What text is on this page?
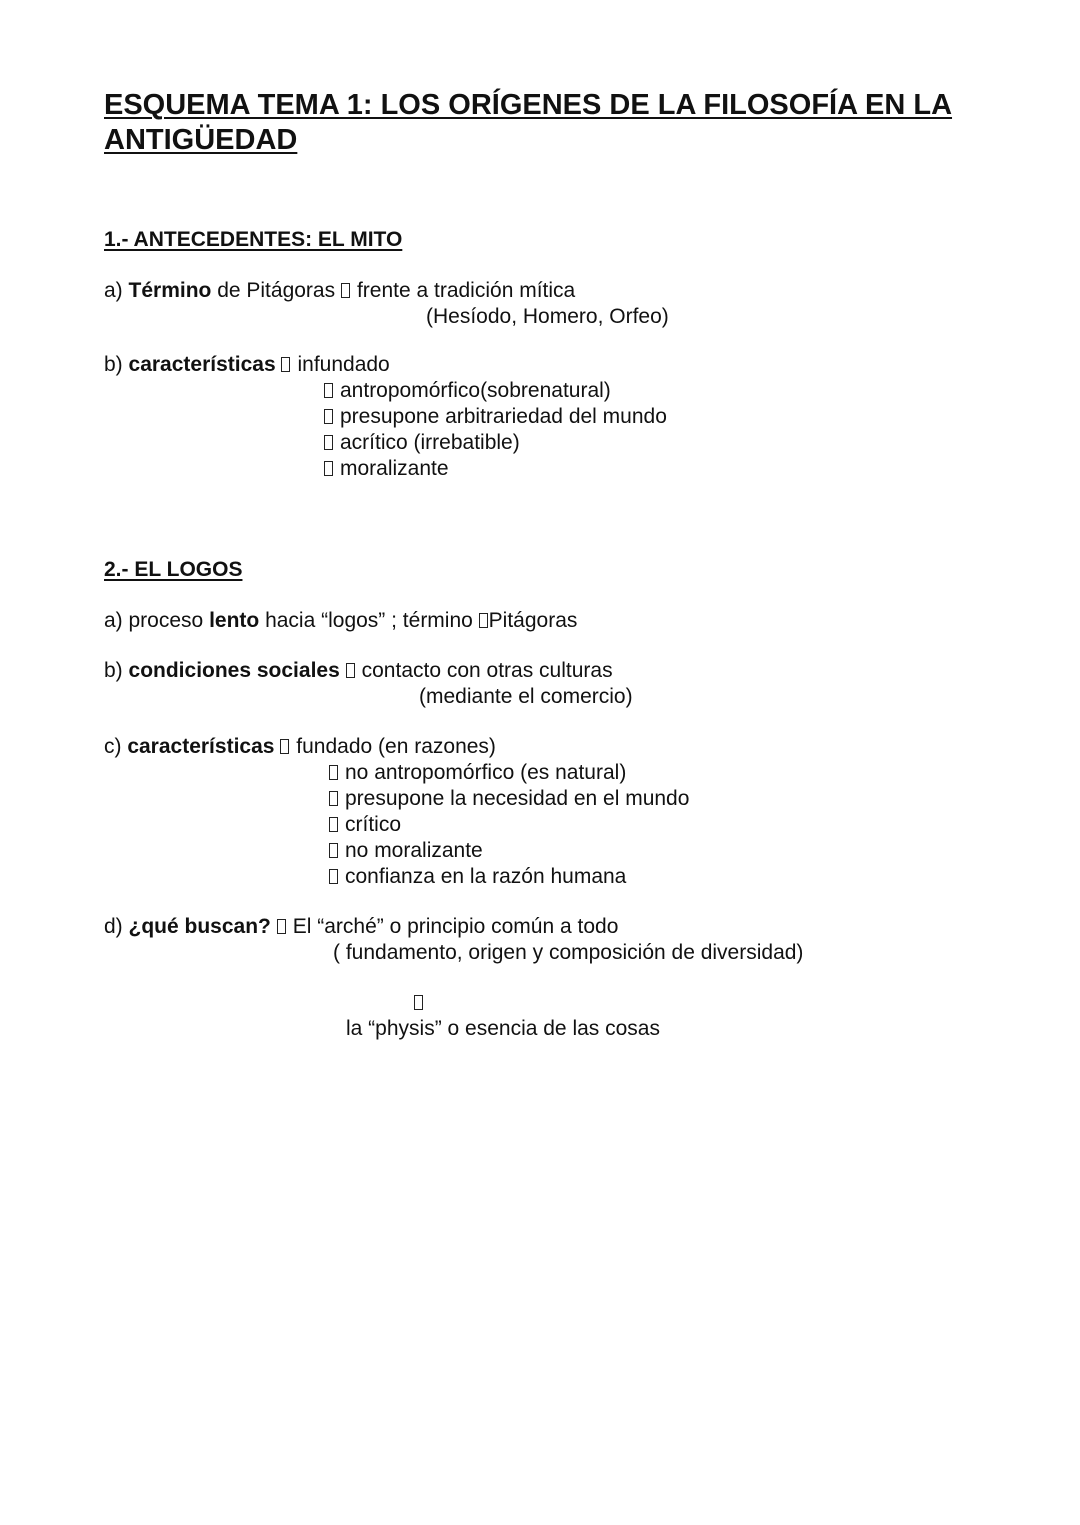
ESQUEMA TEMA 1: LOS ORÍGENES DE LA FILOSOFÍA EN LA ANTIGÜEDAD
1.- ANTECEDENTES: EL MITO
a) Término de Pitágoras frente a tradición mítica
(Hesíodo, Homero, Orfeo)
b) características infundado
antropomórfico(sobrenatural)
presupone arbitrariedad del mundo
acrítico (irrebatible)
moralizante
2.- EL LOGOS
a) proceso lento hacia “logos” ; término Pitágoras
b) condiciones sociales contacto con otras culturas
(mediante el comercio)
c) características fundado (en razones)
no antropomórfico (es natural)
presupone la necesidad en el mundo
crítico
no moralizante
confianza en la razón humana
d) ¿qué buscan? El “arché” o principio común a todo
( fundamento, origen y composición de diversidad)
la “physis” o esencia de las cosas
